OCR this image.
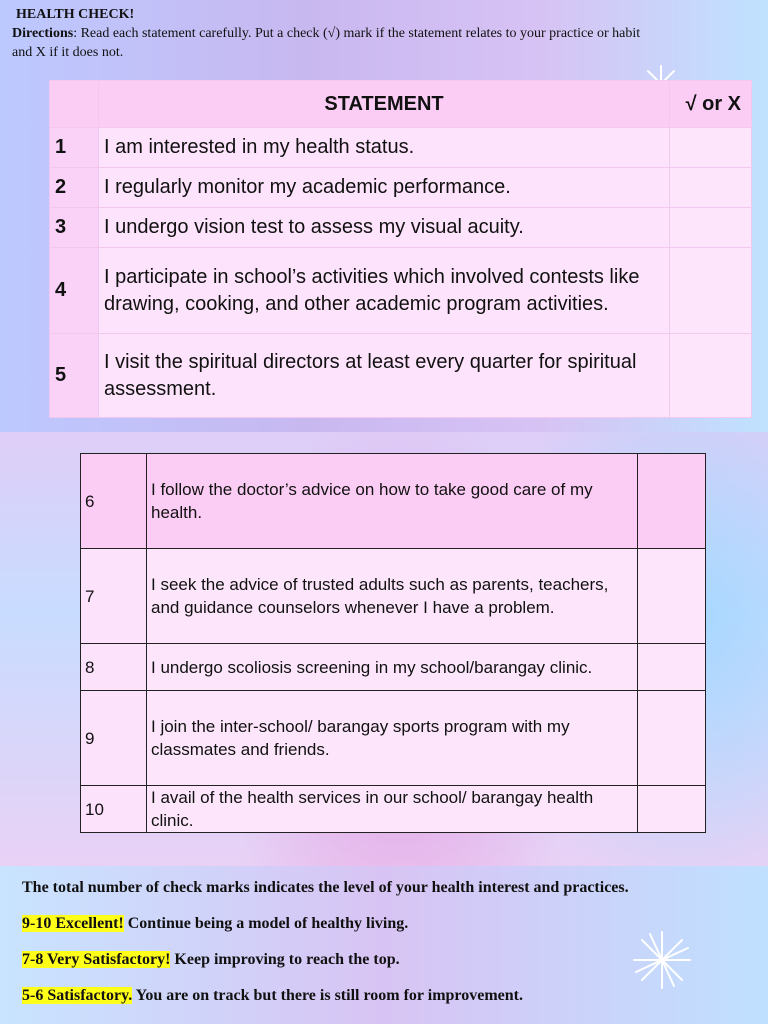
HEALTH CHECK!
Directions: Read each statement carefully. Put a check (√) mark if the statement relates to your practice or habit and X if it does not.
	STATEMENT	√ or X
1	I am interested in my health status.	
2	I regularly monitor my academic performance.	
3	I undergo vision test to assess my visual acuity.	
4	I participate in school’s activities which involved contests like drawing, cooking, and other academic program activities.	
5	I visit the spiritual directors at least every quarter for spiritual assessment.	
6	I follow the doctor’s advice on how to take good care of my health.	
7	I seek the advice of trusted adults such as parents, teachers, and guidance counselors whenever I have a problem.	
8	I undergo scoliosis screening in my school/barangay clinic.	
9	I join the inter-school/ barangay sports program with my classmates and friends.	
10	I avail of the health services in our school/ barangay health clinic.	

The total number of check marks indicates the level of your health interest and practices.

9-10 Excellent! Continue being a model of healthy living.

7-8 Very Satisfactory! Keep improving to reach the top.

5-6 Satisfactory. You are on track but there is still room for improvement.
